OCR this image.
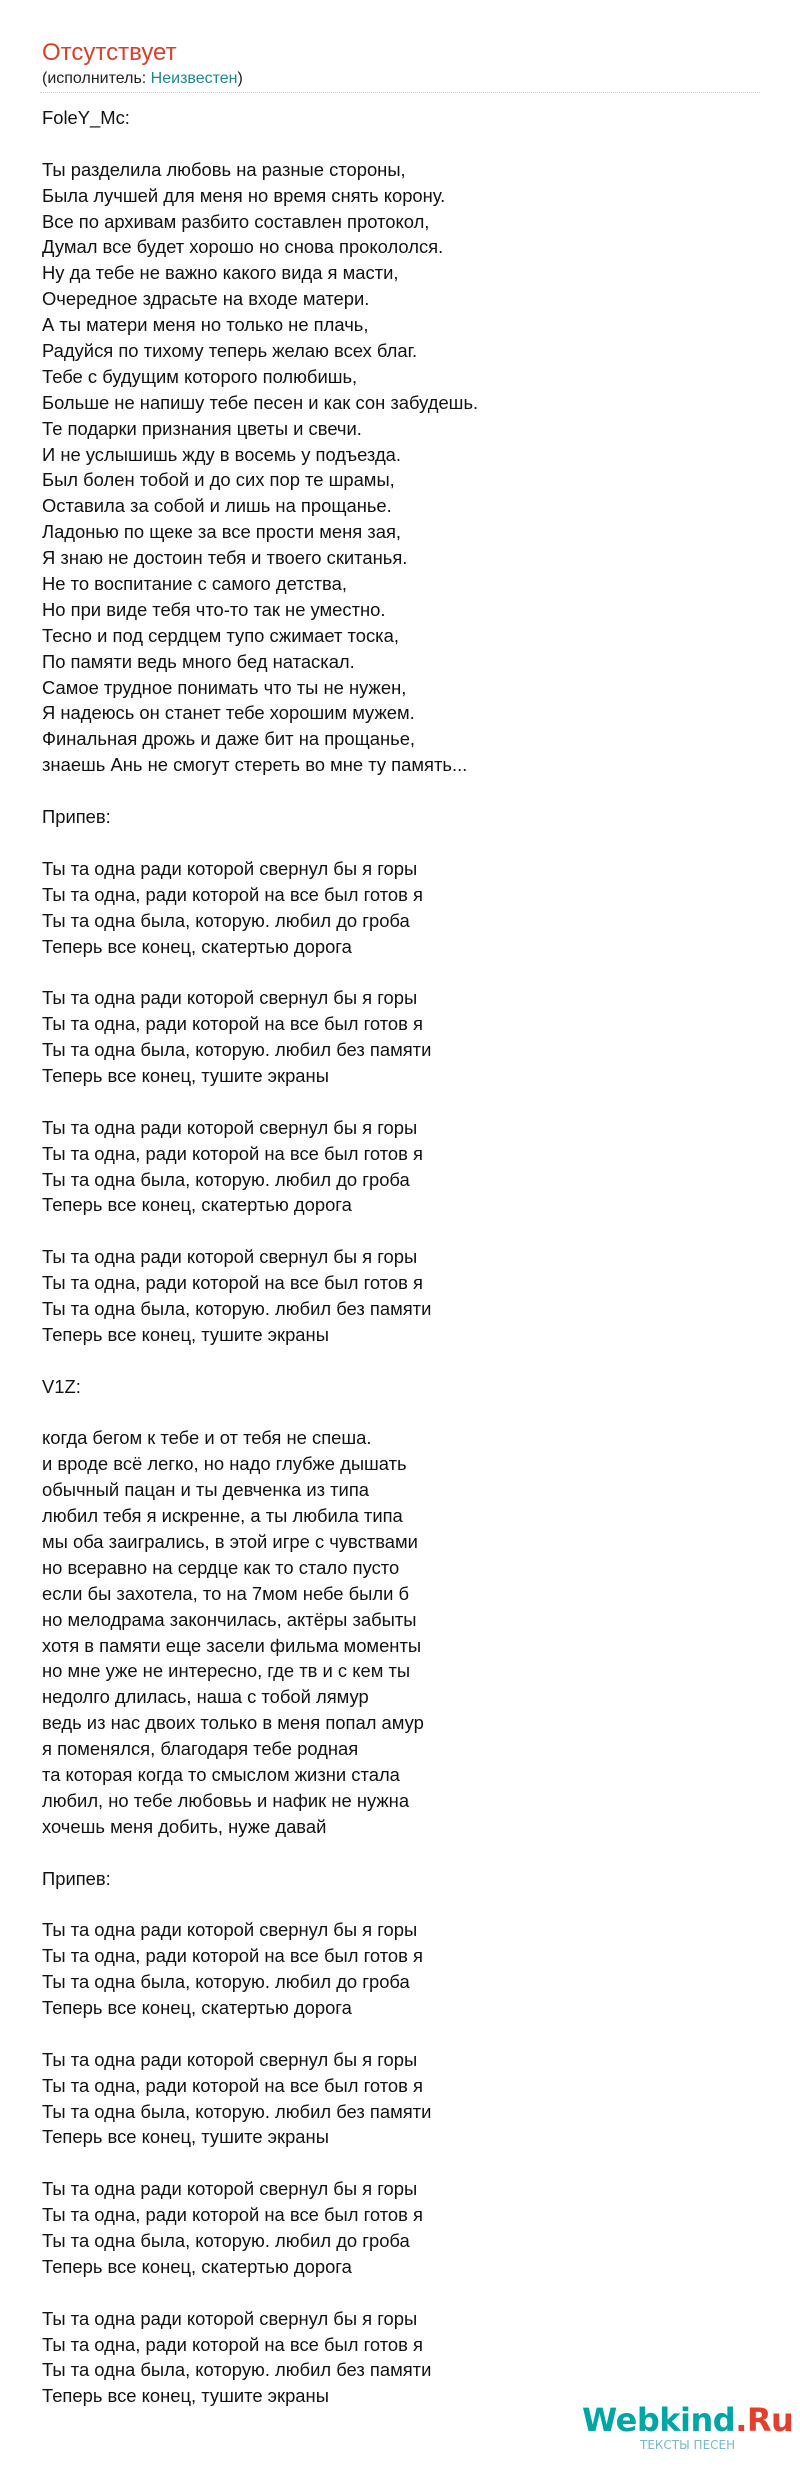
Отсутствует
(исполнитель: Неизвестен)
FoleY_Mc:
Ты разделила любовь на разные стороны,
Была лучшей для меня но время снять корону.
Все по архивам разбито составлен протокол,
Думал все будет хорошо но снова прокололся.
Ну да тебе не важно какого вида я масти,
Очередное здрасьте на входе матери.
А ты матери меня но только не плачь,
Радуйся по тихому теперь желаю всех благ.
Тебе с будущим которого полюбишь,
Больше не напишу тебе песен и как сон забудешь.
Те подарки признания цветы и свечи.
И не услышишь жду в восемь у подъезда.
Был болен тобой и до сих пор те шрамы,
Оставила за собой и лишь на прощанье.
Ладонью по щеке за все прости меня зая,
Я знаю не достоин тебя и твоего скитанья.
Не то воспитание с самого детства,
Но при виде тебя что-то так не уместно.
Тесно и под сердцем тупо сжимает тоска,
По памяти ведь много бед натаскал.
Самое трудное понимать что ты не нужен,
Я надеюсь он станет тебе хорошим мужем.
Финальная дрожь и даже бит на прощанье,
знаешь Ань не смогут стереть во мне ту память...
Припев:
Ты та одна ради которой свернул бы я горы
Ты та одна, ради которой на все был готов я
Ты та одна была, которую. любил до гроба
Теперь все конец, скатертью дорога
Ты та одна ради которой свернул бы я горы
Ты та одна, ради которой на все был готов я
Ты та одна была, которую. любил без памяти
Теперь все конец, тушите экраны
Ты та одна ради которой свернул бы я горы
Ты та одна, ради которой на все был готов я
Ты та одна была, которую. любил до гроба
Теперь все конец, скатертью дорога
Ты та одна ради которой свернул бы я горы
Ты та одна, ради которой на все был готов я
Ты та одна была, которую. любил без памяти
Теперь все конец, тушите экраны
V1Z:
когда бегом к тебе и от тебя не спеша.
и вроде всё легко, но надо глубже дышать
обычный пацан и ты девченка из типа
любил тебя я искренне, а ты любила типа
мы оба заигрались, в этой игре с чувствами
но всеравно на сердце как то стало пусто
если бы захотела, то на 7мом небе были б
но мелодрама закончилась, актёры забыты
хотя в памяти еще засели фильма моменты
но мне уже не интересно, где тв и с кем ты
недолго длилась, наша с тобой лямур
ведь из нас двоих только в меня попал амур
я поменялся, благодаря тебе родная
та которая когда то смыслом жизни стала
любил, но тебе любовьь и нафик не нужна
хочешь меня добить, нуже давай
Припев:
Ты та одна ради которой свернул бы я горы
Ты та одна, ради которой на все был готов я
Ты та одна была, которую. любил до гроба
Теперь все конец, скатертью дорога
Ты та одна ради которой свернул бы я горы
Ты та одна, ради которой на все был готов я
Ты та одна была, которую. любил без памяти
Теперь все конец, тушите экраны
Ты та одна ради которой свернул бы я горы
Ты та одна, ради которой на все был готов я
Ты та одна была, которую. любил до гроба
Теперь все конец, скатертью дорога
Ты та одна ради которой свернул бы я горы
Ты та одна, ради которой на все был готов я
Ты та одна была, которую. любил без памяти
Теперь все конец, тушите экраны
Webkind.Ru
ТЕКСТЫ ПЕСЕН
